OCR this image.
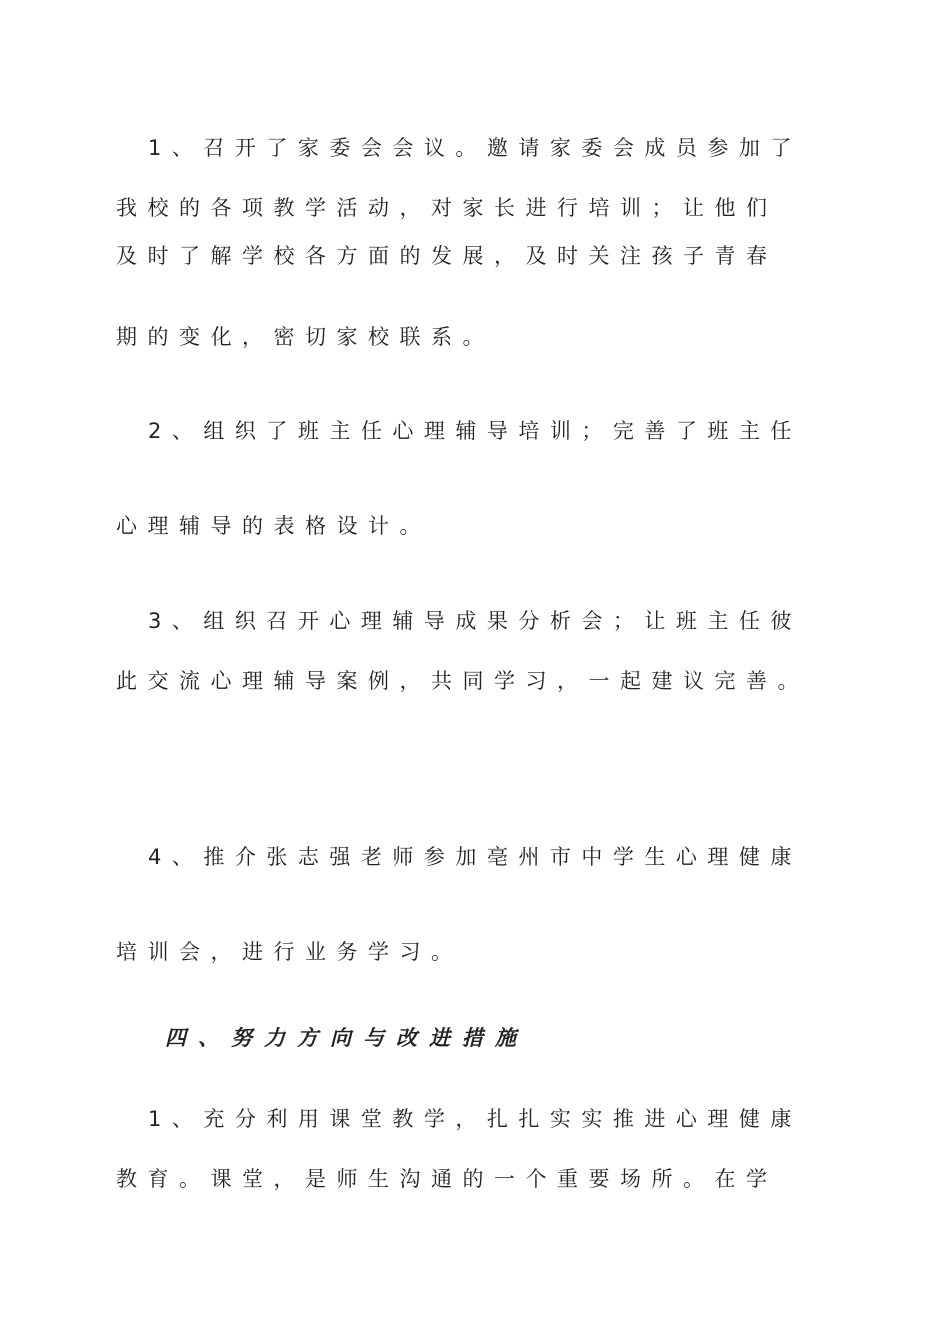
1、召开了家委会会议。邀请家委会成员参加了

我校的各项教学活动，对家长进行培训；让他们

及时了解学校各方面的发展，及时关注孩子青春

期的变化，密切家校联系。

2、组织了班主任心理辅导培训；完善了班主任

心理辅导的表格设计。

3、组织召开心理辅导成果分析会；让班主任彼

此交流心理辅导案例，共同学习，一起建议完善。

4、推介张志强老师参加亳州市中学生心理健康

培训会，进行业务学习。

四、努力方向与改进措施

1、充分利用课堂教学，扎扎实实推进心理健康

教育。课堂，是师生沟通的一个重要场所。在学
